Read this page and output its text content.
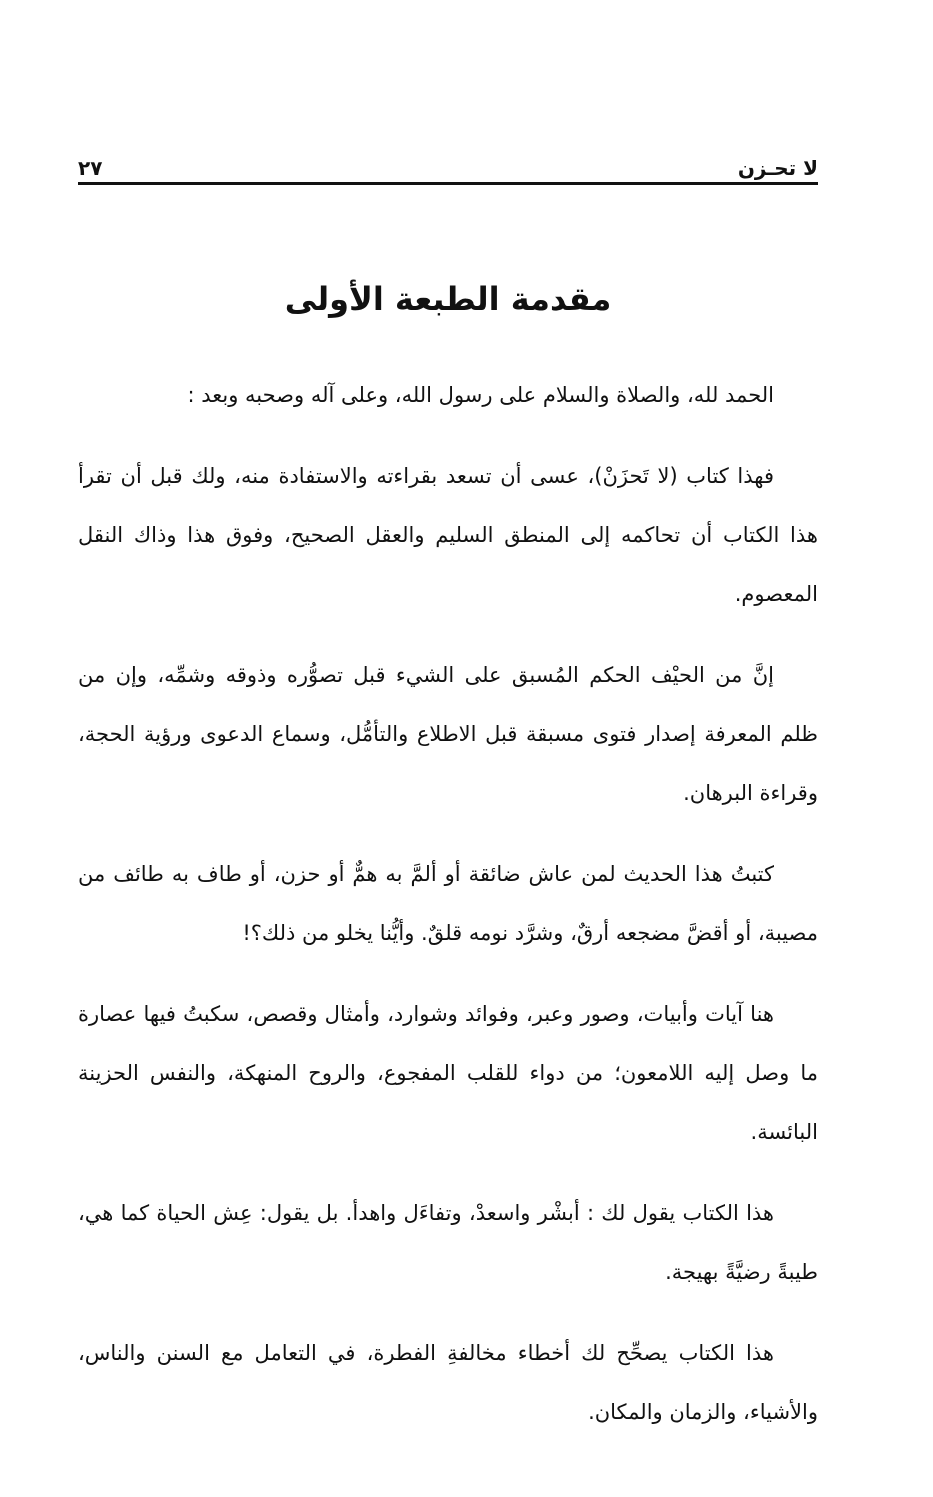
لا تحـزن
٢٧
مقدمة الطبعة الأولى

الحمد لله، والصلاة والسلام على رسول الله، وعلى آله وصحبه وبعد :

فهذا كتاب (لا تَحزَنْ)، عسى أن تسعد بقراءته والاستفادة منه، ولك قبل أن تقرأ هذا الكتاب أن تحاكمه إلى المنطق السليم والعقل الصحيح، وفوق هذا وذاك النقل المعصوم.

إنَّ من الحيْف الحكم المُسبق على الشيء قبل تصوُّره وذوقه وشمِّه، وإن من ظلم المعرفة إصدار فتوى مسبقة قبل الاطلاع والتأمُّل، وسماع الدعوى ورؤية الحجة، وقراءة البرهان.

كتبتُ هذا الحديث لمن عاش ضائقة أو ألمَّ به همٌّ أو حزن، أو طاف به طائف من مصيبة، أو أقضَّ مضجعه أرقٌ، وشرَّد نومه قلقٌ. وأيُّنا يخلو من ذلك؟!

هنا آيات وأبيات، وصور وعبر، وفوائد وشوارد، وأمثال وقصص، سكبتُ فيها عصارة ما وصل إليه اللامعون؛ من دواء للقلب المفجوع، والروح المنهكة، والنفس الحزينة البائسة.

هذا الكتاب يقول لك : أبشْر واسعدْ، وتفاءَل واهدأ. بل يقول: عِش الحياة كما هي، طيبةً رضيَّةً بهيجة.

هذا الكتاب يصحِّح لك أخطاء مخالفةِ الفطرة، في التعامل مع السنن والناس، والأشياء، والزمان والمكان.
